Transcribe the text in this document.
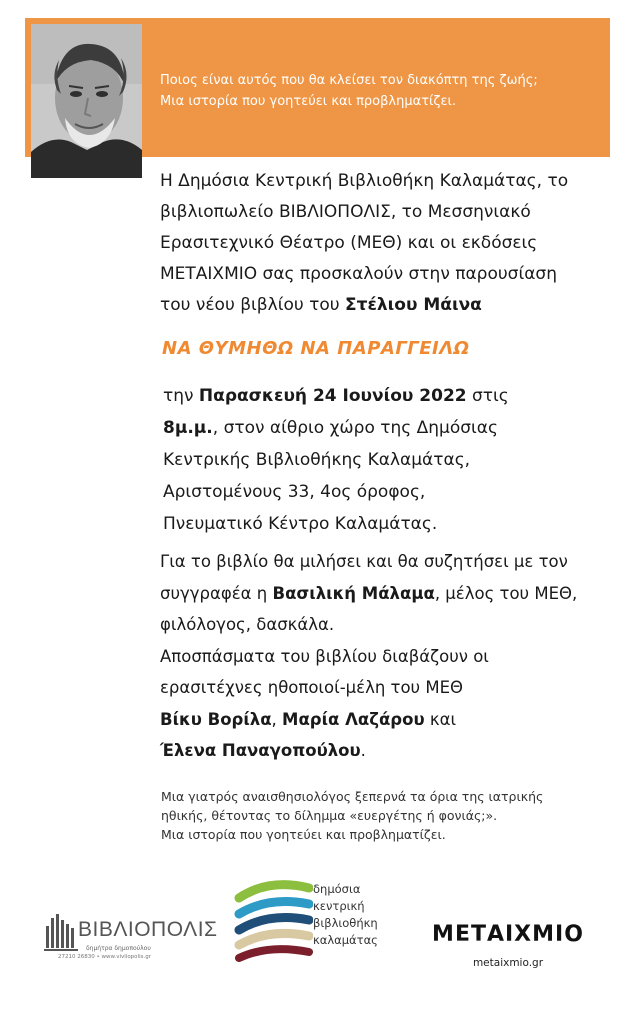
Ποιος είναι αυτός που θα κλείσει τον διακόπτη της ζωής;
Μια ιστορία που γοητεύει και προβληματίζει.
Η Δημόσια Κεντρική Βιβλιοθήκη Καλαμάτας, το
βιβλιοπωλείο ΒΙΒΛΙΟΠΟΛΙΣ, το Μεσσηνιακό
Ερασιτεχνικό Θέατρο (ΜΕΘ) και οι εκδόσεις
ΜΕΤΑΙΧΜΙΟ σας προσκαλούν στην παρουσίαση
του νέου βιβλίου του Στέλιου Μάινα
ΝΑ ΘΥΜΗΘΩ ΝΑ ΠΑΡΑΓΓΕΙΛΩ
την Παρασκευή 24 Ιουνίου 2022 στις
8μ.μ., στον αίθριο χώρο της Δημόσιας
Κεντρικής Βιβλιοθήκης Καλαμάτας,
Αριστομένους 33, 4ος όροφος,
Πνευματικό Κέντρο Καλαμάτας.
Για το βιβλίο θα μιλήσει και θα συζητήσει με τον
συγγραφέα η Βασιλική Μάλαμα, μέλος του ΜΕΘ,
φιλόλογος, δασκάλα.
Αποσπάσματα του βιβλίου διαβάζουν οι
ερασιτέχνες ηθοποιοί-μέλη του ΜΕΘ
Βίκυ Βορίλα, Μαρία Λαζάρου και
Έλενα Παναγοπούλου.
Μια γιατρός αναισθησιολόγος ξεπερνά τα όρια της ιατρικής
ηθικής, θέτοντας το δίλημμα «ευεργέτης ή φονιάς;».
Μια ιστορία που γοητεύει και προβληματίζει.
ΒΙΒΛΙΟΠΟΛΙΣ
δημήτρα δημοπούλου
27210 26830 • www.vivliopolis.gr
δημόσια
κεντρική
βιβλιοθήκη
καλαμάτας	ΜΕΤΑΙΧΜΙΟ
metaixmio.gr
